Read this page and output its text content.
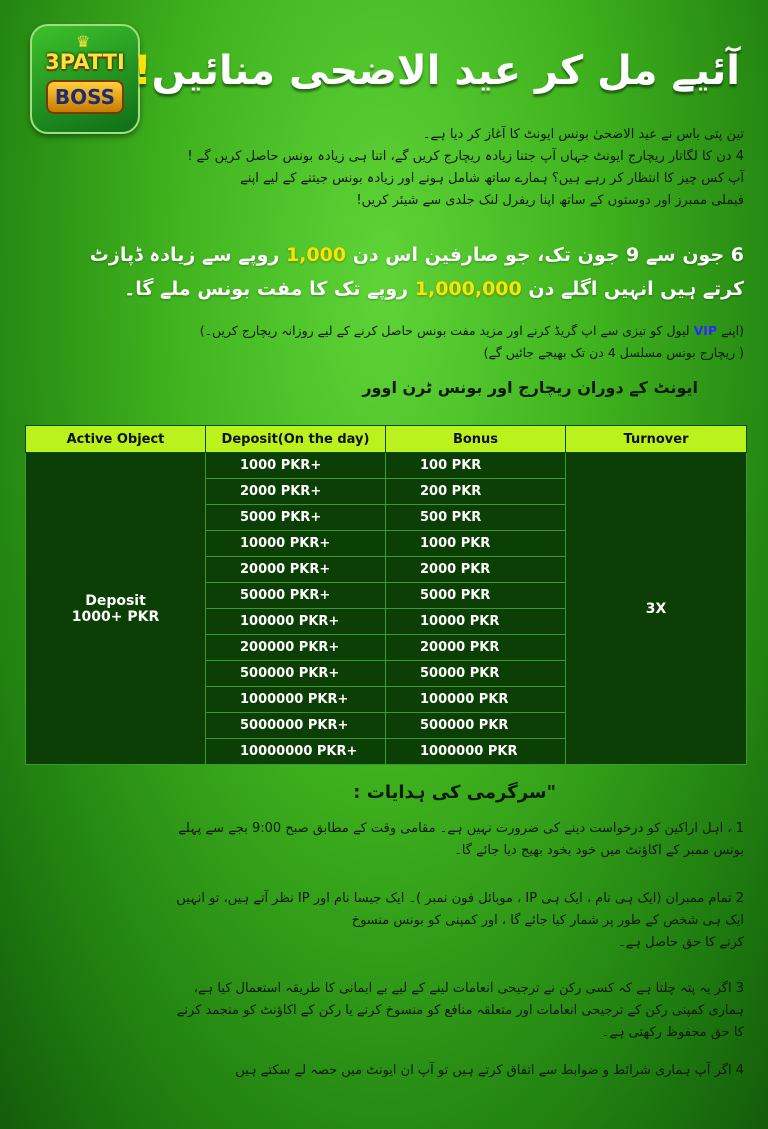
♛
3PATTI
BOSS
آئیے مل کر عید الاضحی منائیں!

تین پتی باس نے عید الاضحیٰ بونس ایونٹ کا آغاز کر دیا ہے۔

4 دن کا لگاتار ریچارج ایونٹ جہاں آپ جتنا زیادہ ریچارج کریں گے، اتنا ہی زیادہ بونس حاصل کریں گے !

آپ کس چیز کا انتظار کر رہے ہیں؟ ہمارے ساتھ شامل ہونے اور زیادہ بونس جیتنے کے لیے اپنے

فیملی ممبرز اور دوستوں کے ساتھ اپنا ریفرل لنک جلدی سے شیئر کریں!

6 جون سے 9 جون تک، جو صارفین اس دن 1,000 روپے سے زیادہ ڈپازٹ
کرتے ہیں انہیں اگلے دن 1,000,000 روپے تک کا مفت بونس ملے گا۔
(اپنے VIP لیول کو تیزی سے اپ گریڈ کرنے اور مزید مفت بونس حاصل کرنے کے لیے روزانہ ریچارج کریں۔)
( ریچارج بونس مسلسل 4 دن تک بھیجے جائیں گے)
ایونٹ کے دوران ریچارج اور بونس ٹرن اوور
Active Object	Deposit(On the day)	Bonus	Turnover

Deposit
1000+ PKR	1000 PKR+	100 PKR	3X
	2000 PKR+	200 PKR	
	5000 PKR+	500 PKR	
	10000 PKR+	1000 PKR	
	20000 PKR+	2000 PKR	
	50000 PKR+	5000 PKR	
	100000 PKR+	10000 PKR	
	200000 PKR+	20000 PKR	
	500000 PKR+	50000 PKR	
	1000000 PKR+	100000 PKR	
	5000000 PKR+	500000 PKR	
	10000000 PKR+	1000000 PKR	
"سرگرمی کی ہدایات :

1 ، اہل اراکین کو درخواست دینے کی ضرورت نہیں ہے۔ مقامی وقت کے مطابق صبح 9:00 بجے سے پہلے

بونس ممبر کے اکاؤنٹ میں خود بخود بھیج دیا جائے گا۔

2 تمام ممبران (ایک ہی نام ، ایک ہی IP ، موبائل فون نمبر )۔ ایک جیسا نام اور IP نظر آتے ہیں، تو انہیں

ایک ہی شخص کے طور پر شمار کیا جائے گا ، اور کمپنی کو بونس منسوخ

کرنے کا حق حاصل ہے۔

3 اگر یہ پتہ چلتا ہے کہ کسی رکن نے ترجیحی انعامات لینے کے لیے بے ایمانی کا طریقہ استعمال کیا ہے،

ہماری کمپنی رکن کے ترجیحی انعامات اور متعلقہ منافع کو منسوخ کرنے یا رکن کے اکاؤنٹ کو منجمد کرنے

کا حق محفوظ رکھتی ہے۔

4 اگر آپ ہماری شرائط و ضوابط سے اتفاق کرتے ہیں تو آپ ان ایونٹ میں حصہ لے سکتے ہیں
